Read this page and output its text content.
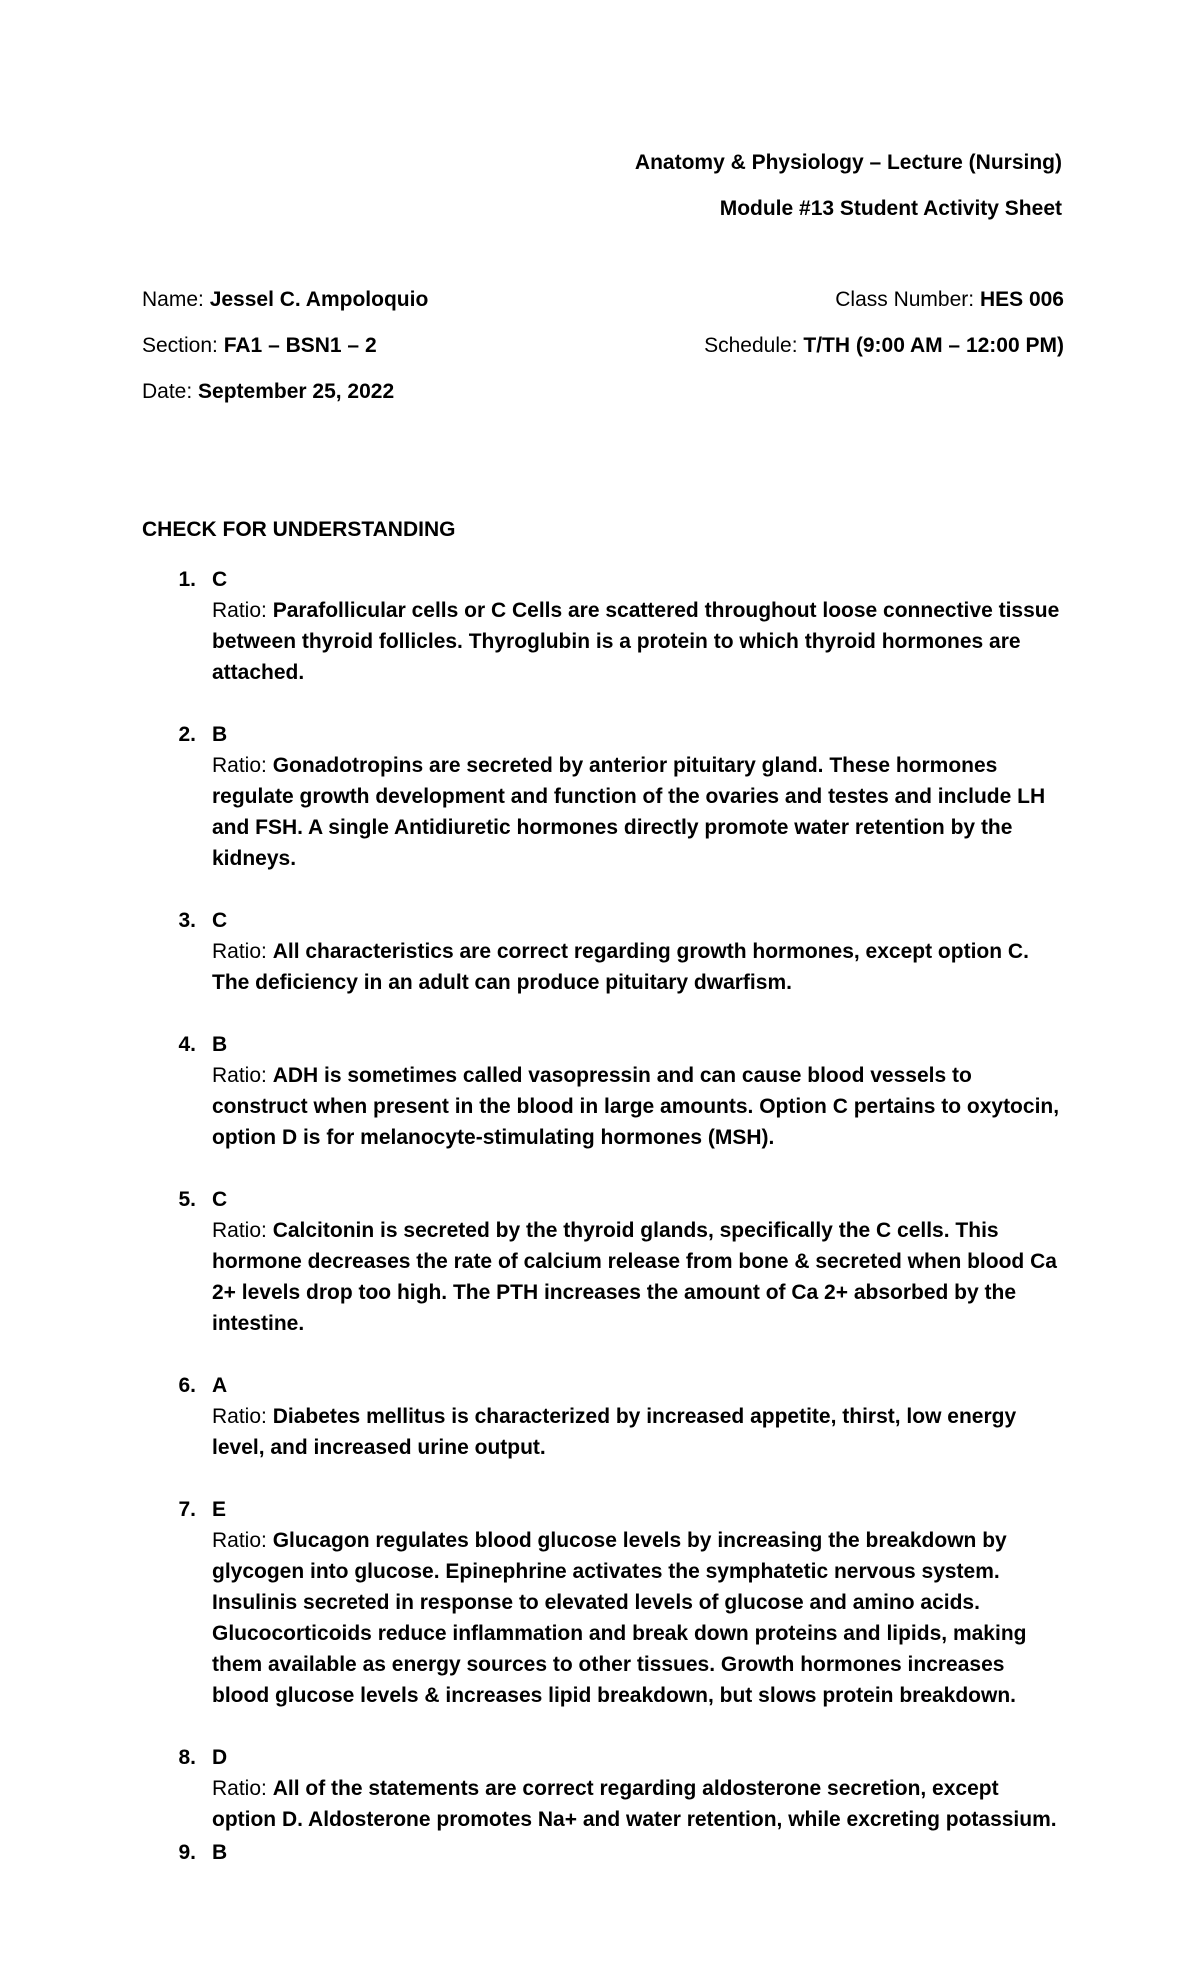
Anatomy & Physiology – Lecture (Nursing)
Module #13 Student Activity Sheet
Name: Jessel C. Ampoloquio	Class Number: HES 006
Section: FA1 – BSN1 – 2	Schedule: T/TH (9:00 AM – 12:00 PM)
Date: September 25, 2022
CHECK FOR UNDERSTANDING
1. C
Ratio: Parafollicular cells or C Cells are scattered throughout loose connective tissue between thyroid follicles. Thyroglubin is a protein to which thyroid hormones are attached.
2. B
Ratio: Gonadotropins are secreted by anterior pituitary gland. These hormones regulate growth development and function of the ovaries and testes and include LH and FSH. A single Antidiuretic hormones directly promote water retention by the kidneys.
3. C
Ratio: All characteristics are correct regarding growth hormones, except option C. The deficiency in an adult can produce pituitary dwarfism.
4. B
Ratio: ADH is sometimes called vasopressin and can cause blood vessels to construct when present in the blood in large amounts. Option C pertains to oxytocin, option D is for melanocyte-stimulating hormones (MSH).
5. C
Ratio: Calcitonin is secreted by the thyroid glands, specifically the C cells. This hormone decreases the rate of calcium release from bone & secreted when blood Ca 2+ levels drop too high. The PTH increases the amount of Ca 2+ absorbed by the intestine.
6. A
Ratio: Diabetes mellitus is characterized by increased appetite, thirst, low energy level, and increased urine output.
7. E
Ratio: Glucagon regulates blood glucose levels by increasing the breakdown by glycogen into glucose. Epinephrine activates the symphatetic nervous system. Insulinis secreted in response to elevated levels of glucose and amino acids. Glucocorticoids reduce inflammation and break down proteins and lipids, making them available as energy sources to other tissues. Growth hormones increases blood glucose levels & increases lipid breakdown, but slows protein breakdown.
8. D
Ratio: All of the statements are correct regarding aldosterone secretion, except option D. Aldosterone promotes Na+ and water retention, while excreting potassium.
9. B
